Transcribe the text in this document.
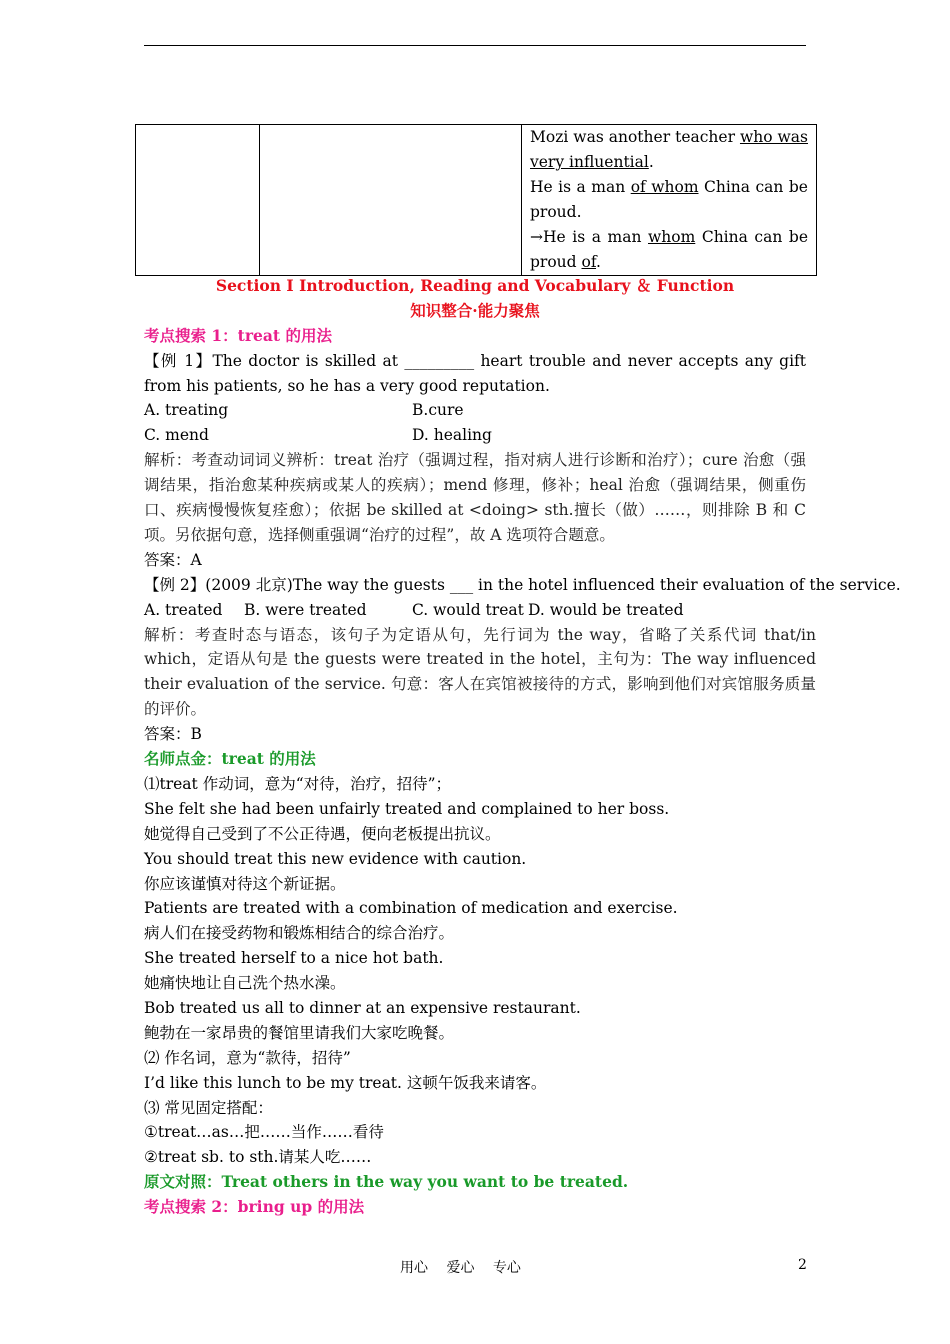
Mozi was another teacher who was very influential.
He is a man of whom China can be proud.
→He is a man whom China can be proud of.
Section Ⅰ Introduction, Reading and Vocabulary ＆ Function
知识整合·能力聚焦
考点搜索 1：treat 的用法
【例 1】The doctor is skilled at _________ heart trouble and never accepts any gift from his patients, so he has a very good reputation.
A. treating	B.cure
C. mend	D. healing
解析：考查动词词义辨析：treat 治疗（强调过程，指对病人进行诊断和治疗）；cure 治愈（强调结果，指治愈某种疾病或某人的疾病）；mend 修理，修补；heal 治愈（强调结果，侧重伤口、疾病慢慢恢复痊愈）；依据 be skilled at <doing> sth.擅长（做）……，则排除 B 和 C 项。另依据句意，选择侧重强调“治疗的过程”，故 A 选项符合题意。
答案：A
【例 2】(2009 北京)The way the guests ___ in the hotel influenced their evaluation of the service.
A. treated B. were treated	C. would treat D. would be treated
解析：考查时态与语态，该句子为定语从句，先行词为 the way，省略了关系代词 that/in which，定语从句是 the guests were treated in the hotel，主句为：The way influenced their evaluation of the service. 句意：客人在宾馆被接待的方式，影响到他们对宾馆服务质量的评价。
答案：B
名师点金：treat 的用法
⑴treat 作动词，意为“对待，治疗，招待”；
She felt she had been unfairly treated and complained to her boss.
她觉得自己受到了不公正待遇，便向老板提出抗议。
You should treat this new evidence with caution.
你应该谨慎对待这个新证据。
Patients are treated with a combination of medication and exercise.
病人们在接受药物和锻炼相结合的综合治疗。
She treated herself to a nice hot bath.
她痛快地让自己洗个热水澡。
Bob treated us all to dinner at an expensive restaurant.
鲍勃在一家昂贵的餐馆里请我们大家吃晚餐。
⑵ 作名词，意为“款待，招待”
I’d like this lunch to be my treat. 这顿午饭我来请客。
⑶ 常见固定搭配：
①treat…as…把……当作……看待
②treat sb. to sth.请某人吃……
原文对照：Treat others in the way you want to be treated.
考点搜索 2：bring up 的用法
用心　 爱心　 专心	2
